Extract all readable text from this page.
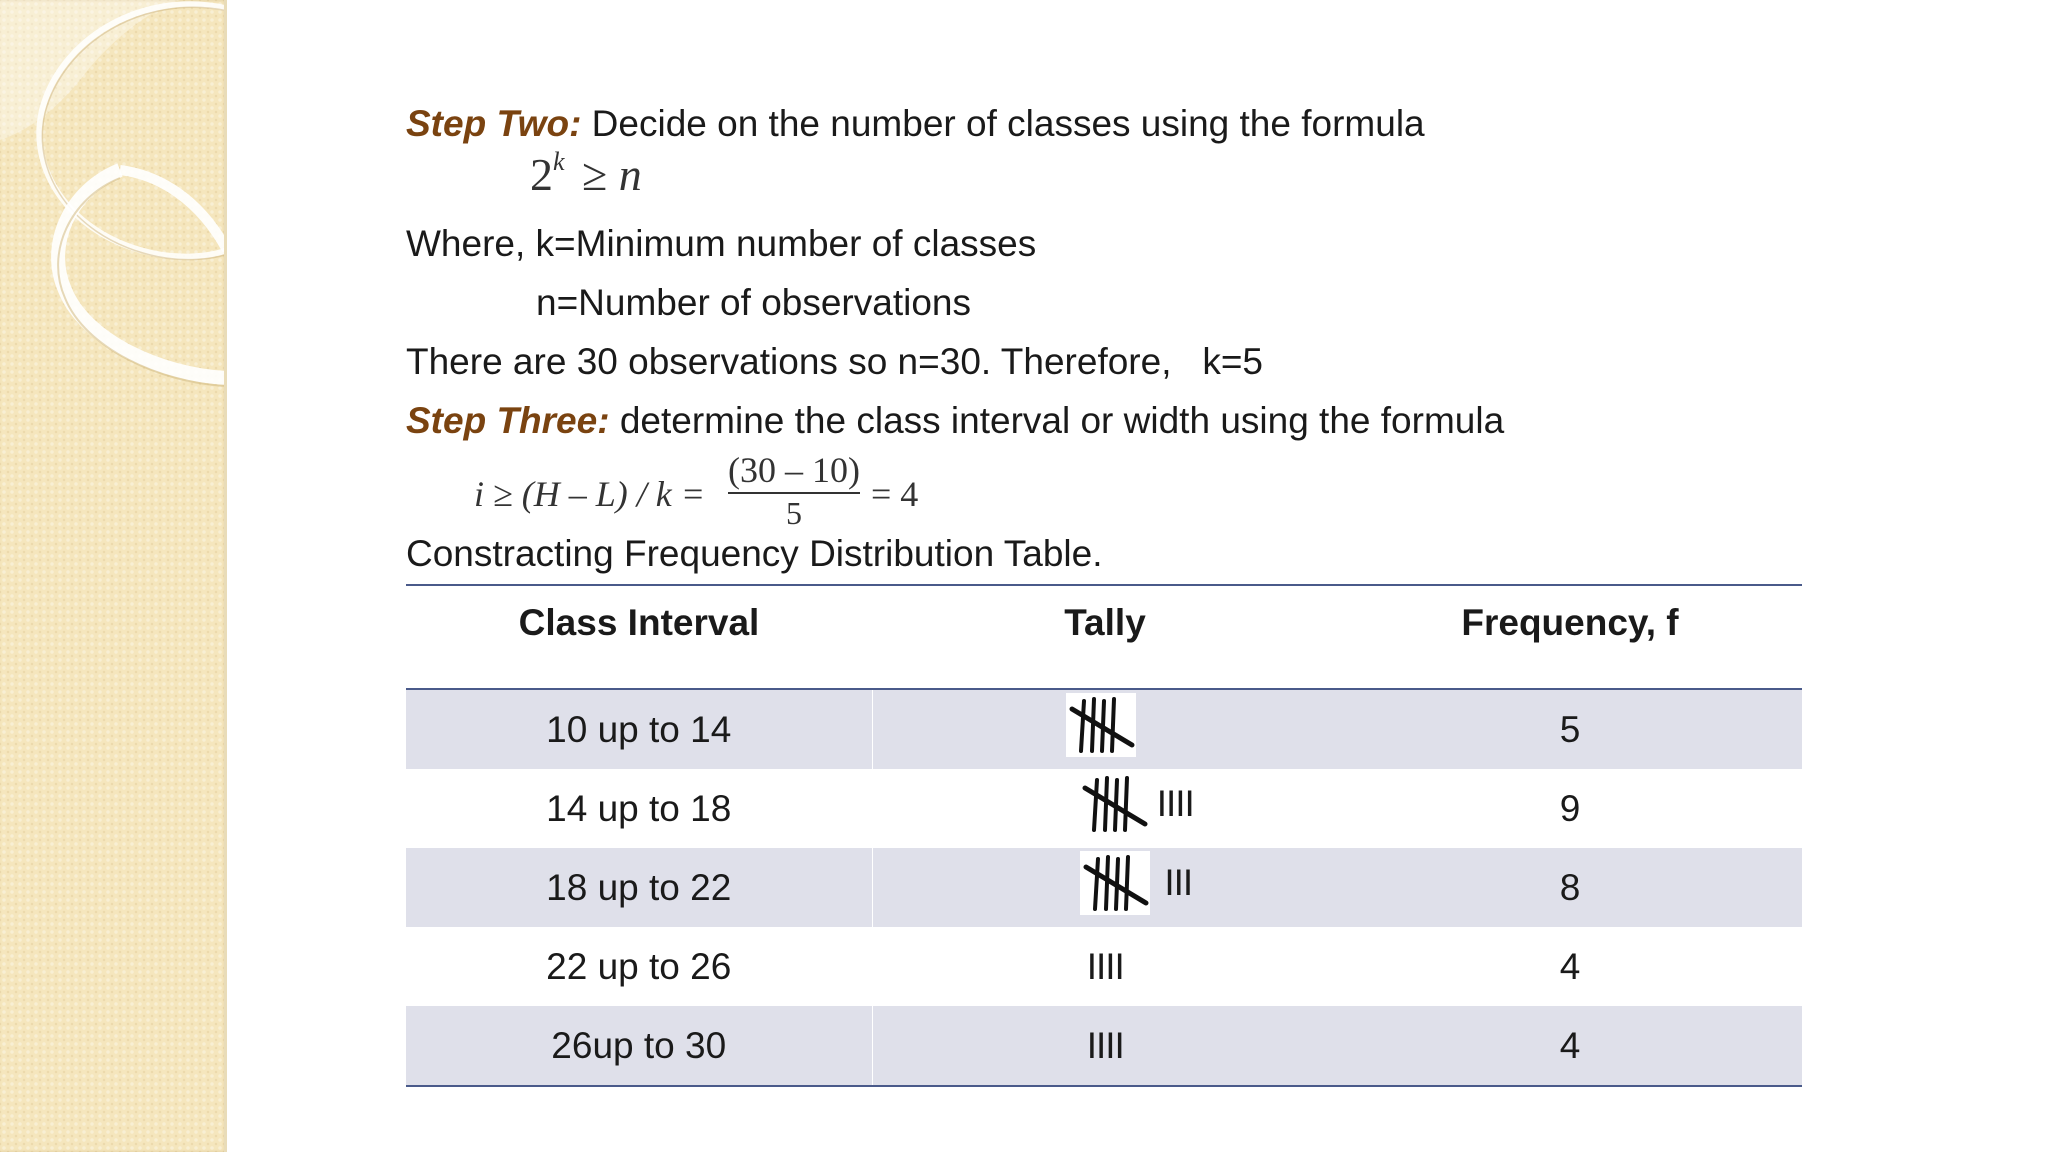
Step Two: Decide on the number of classes using the formula
$2^k \ge n$
Where, k=Minimum number of classes
n=Number of observations
There are 30 observations so n=30. Therefore,   k=5
Step Three: determine the class interval or width using the formula
i ≥ (H – L) / k =
(30 – 10)
5	= 4
Constracting Frequency Distribution Table.
Class Interval	Tally	Frequency, f
10 up to 14		5
14 up to 18	IIII	9
18 up to 22	III	8
22 up to 26	IIII	4
26up to 30	IIII	4
